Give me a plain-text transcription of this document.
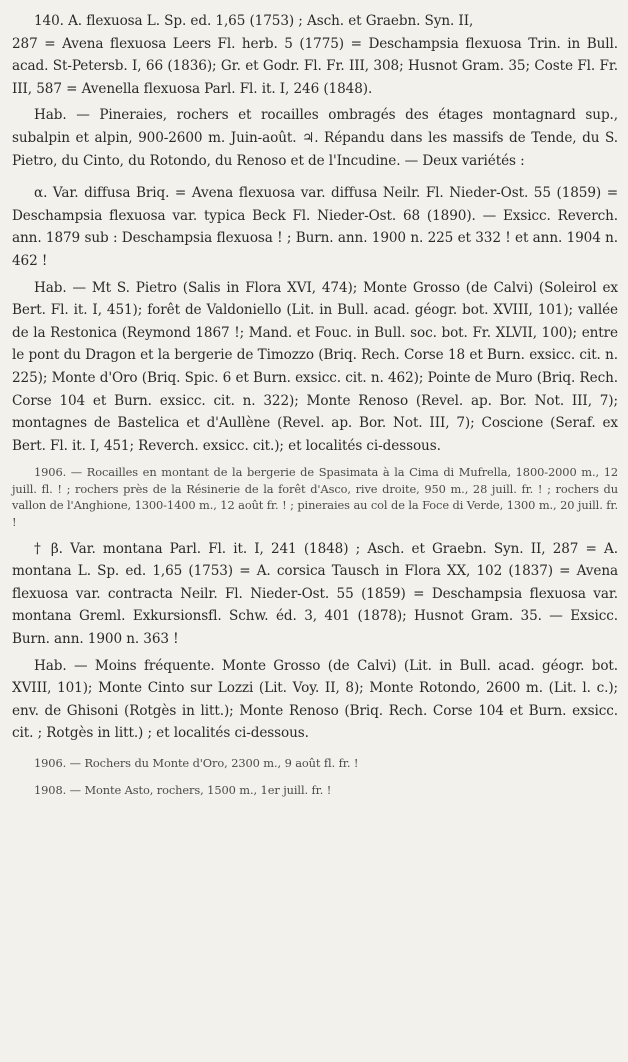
140. A. flexuosa L. Sp. ed. 1,65 (1753) ; Asch. et Graebn. Syn. II,

287 = Avena flexuosa Leers Fl. herb. 5 (1775) = Deschampsia flexuosa Trin. in Bull. acad. St-Petersb. I, 66 (1836); Gr. et Godr. Fl. Fr. III, 308; Husnot Gram. 35; Coste Fl. Fr. III, 587 = Avenella flexuosa Parl. Fl. it. I, 246 (1848).

Hab. — Pineraies, rochers et rocailles ombragés des étages montagnard sup., subalpin et alpin, 900-2600 m. Juin-août. ♃. Répandu dans les massifs de Tende, du S. Pietro, du Cinto, du Rotondo, du Renoso et de l'Incudine. — Deux variétés :

α. Var. diffusa Briq. = Avena flexuosa var. diffusa Neilr. Fl. Nieder-Ost. 55 (1859) = Deschampsia flexuosa var. typica Beck Fl. Nieder-Ost. 68 (1890). — Exsicc. Reverch. ann. 1879 sub : Deschampsia flexuosa ! ; Burn. ann. 1900 n. 225 et 332 ! et ann. 1904 n. 462 !

Hab. — Mt S. Pietro (Salis in Flora XVI, 474); Monte Grosso (de Calvi) (Soleirol ex Bert. Fl. it. I, 451); forêt de Valdoniello (Lit. in Bull. acad. géogr. bot. XVIII, 101); vallée de la Restonica (Reymond 1867 !; Mand. et Fouc. in Bull. soc. bot. Fr. XLVII, 100); entre le pont du Dragon et la bergerie de Timozzo (Briq. Rech. Corse 18 et Burn. exsicc. cit. n. 225); Monte d'Oro (Briq. Spic. 6 et Burn. exsicc. cit. n. 462); Pointe de Muro (Briq. Rech. Corse 104 et Burn. exsicc. cit. n. 322); Monte Renoso (Revel. ap. Bor. Not. III, 7); montagnes de Bastelica et d'Aullène (Revel. ap. Bor. Not. III, 7); Coscione (Seraf. ex Bert. Fl. it. I, 451; Reverch. exsicc. cit.); et localités ci-dessous.

1906. — Rocailles en montant de la bergerie de Spasimata à la Cima di Mufrella, 1800-2000 m., 12 juill. fl. ! ; rochers près de la Résinerie de la forêt d'Asco, rive droite, 950 m., 28 juill. fr. ! ; rochers du vallon de l'Anghione, 1300-1400 m., 12 août fr. ! ; pineraies au col de la Foce di Verde, 1300 m., 20 juill. fr. !

† β. Var. montana Parl. Fl. it. I, 241 (1848) ; Asch. et Graebn. Syn. II, 287 = A. montana L. Sp. ed. 1,65 (1753) = A. corsica Tausch in Flora XX, 102 (1837) = Avena flexuosa var. contracta Neilr. Fl. Nieder-Ost. 55 (1859) = Deschampsia flexuosa var. montana Greml. Exkursionsfl. Schw. éd. 3, 401 (1878); Husnot Gram. 35. — Exsicc. Burn. ann. 1900 n. 363 !

Hab. — Moins fréquente. Monte Grosso (de Calvi) (Lit. in Bull. acad. géogr. bot. XVIII, 101); Monte Cinto sur Lozzi (Lit. Voy. II, 8); Monte Rotondo, 2600 m. (Lit. l. c.); env. de Ghisoni (Rotgès in litt.); Monte Renoso (Briq. Rech. Corse 104 et Burn. exsicc. cit. ; Rotgès in litt.) ; et localités ci-dessous.

1906. — Rochers du Monte d'Oro, 2300 m., 9 août fl. fr. !

1908. — Monte Asto, rochers, 1500 m., 1er juill. fr. !
